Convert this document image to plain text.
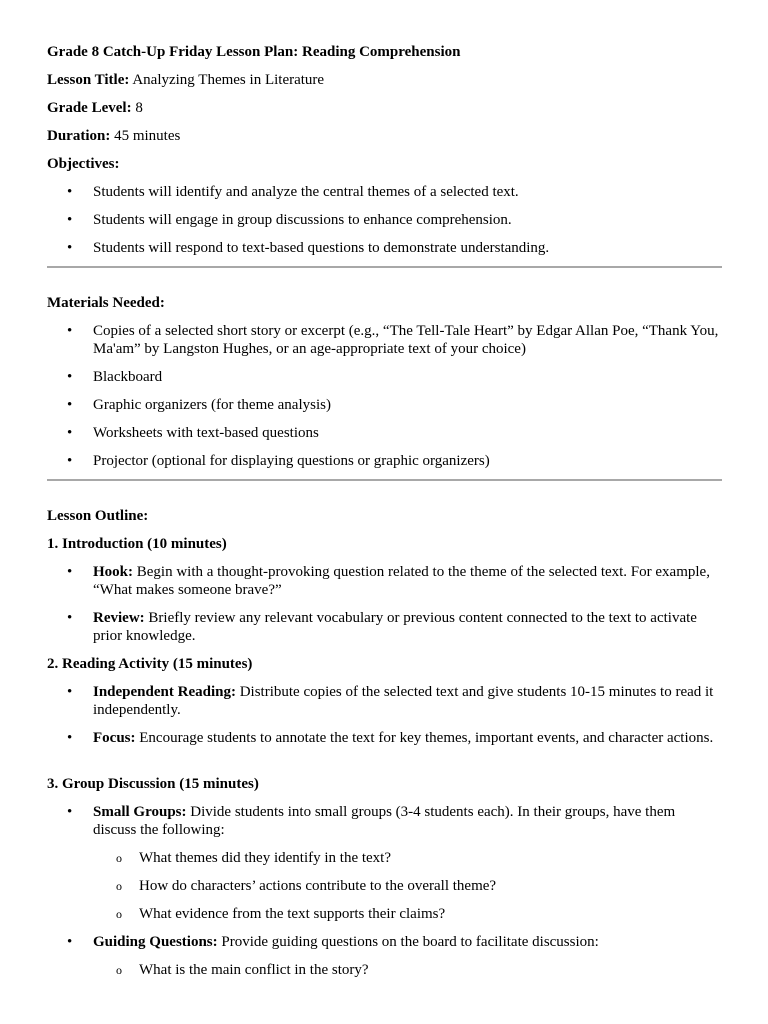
Grade 8 Catch-Up Friday Lesson Plan: Reading Comprehension
Lesson Title: Analyzing Themes in Literature
Grade Level: 8
Duration: 45 minutes
Objectives:
• Students will identify and analyze the central themes of a selected text.
• Students will engage in group discussions to enhance comprehension.
• Students will respond to text-based questions to demonstrate understanding.
Materials Needed:
• Copies of a selected short story or excerpt (e.g., “The Tell-Tale Heart” by Edgar Allan Poe, “Thank You, Ma'am” by Langston Hughes, or an age-appropriate text of your choice)
• Blackboard
• Graphic organizers (for theme analysis)
• Worksheets with text-based questions
• Projector (optional for displaying questions or graphic organizers)
Lesson Outline:
1. Introduction (10 minutes)
• Hook: Begin with a thought-provoking question related to the theme of the selected text. For example, “What makes someone brave?”
• Review: Briefly review any relevant vocabulary or previous content connected to the text to activate prior knowledge.
2. Reading Activity (15 minutes)
• Independent Reading: Distribute copies of the selected text and give students 10-15 minutes to read it independently.
• Focus: Encourage students to annotate the text for key themes, important events, and character actions.
3. Group Discussion (15 minutes)
• Small Groups: Divide students into small groups (3-4 students each). In their groups, have them discuss the following:
o What themes did they identify in the text?
o How do characters’ actions contribute to the overall theme?
o What evidence from the text supports their claims?
• Guiding Questions: Provide guiding questions on the board to facilitate discussion:
o What is the main conflict in the story?
